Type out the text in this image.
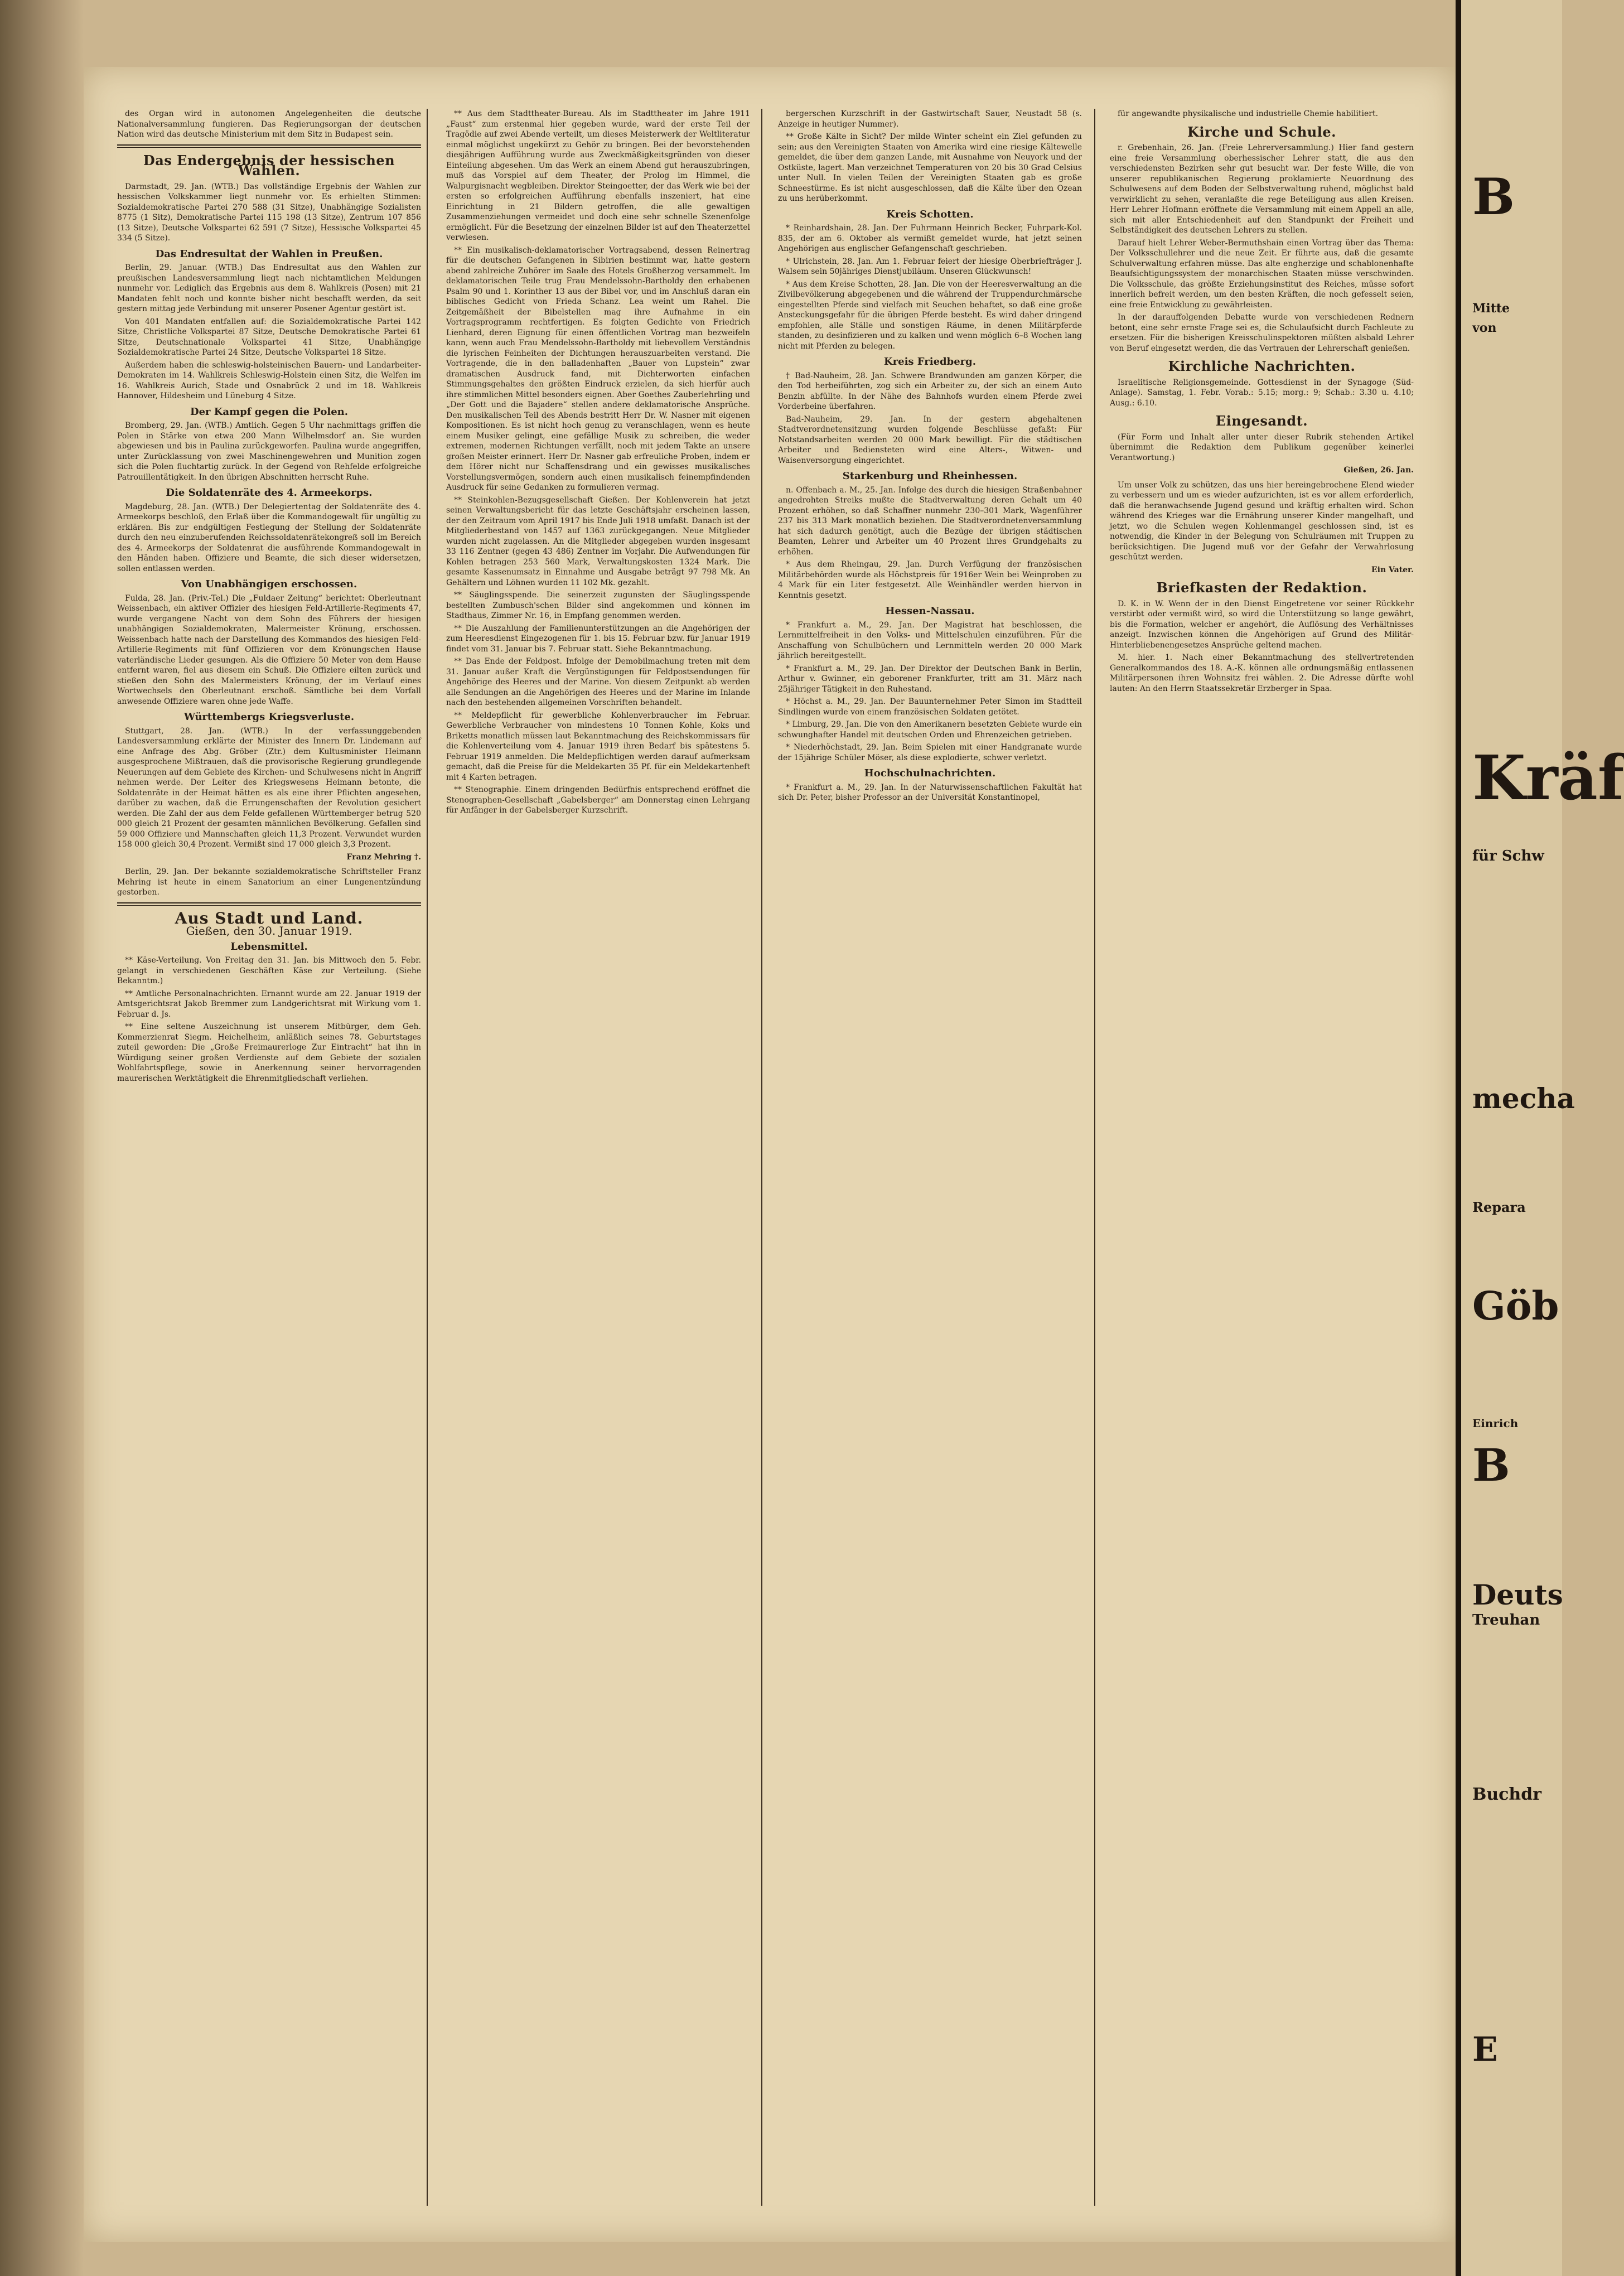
B
Mitte
von
Kräf
für Schw
mecha
Repara
Göb
Einrich
B
Deuts
Treuhan
Buchdr
E

des Organ wird in autonomen Angelegenheiten die deutsche Nationalversammlung fungieren. Das Regierungsorgan der deutschen Nation wird das deutsche Ministerium mit dem Sitz in Budapest sein.

Das Endergebnis der hessischen Wahlen.

Darmstadt, 29. Jan. (WTB.) Das vollständige Ergebnis der Wahlen zur hessischen Volkskammer liegt nunmehr vor. Es erhielten Stimmen: Sozialdemokratische Partei 270 588 (31 Sitze), Unabhängige Sozialisten 8775 (1 Sitz), Demokratische Partei 115 198 (13 Sitze), Zentrum 107 856 (13 Sitze), Deutsche Volkspartei 62 591 (7 Sitze), Hessische Volkspartei 45 334 (5 Sitze).

Das Endresultat der Wahlen in Preußen.

Berlin, 29. Januar. (WTB.) Das Endresultat aus den Wahlen zur preußischen Landesversammlung liegt nach nichtamtlichen Meldungen nunmehr vor. Lediglich das Ergebnis aus dem 8. Wahlkreis (Posen) mit 21 Mandaten fehlt noch und konnte bisher nicht beschafft werden, da seit gestern mittag jede Verbindung mit unserer Posener Agentur gestört ist.

Von 401 Mandaten entfallen auf: die Sozialdemokratische Partei 142 Sitze, Christliche Volkspartei 87 Sitze, Deutsche Demokratische Partei 61 Sitze, Deutschnationale Volkspartei 41 Sitze, Unabhängige Sozialdemokratische Partei 24 Sitze, Deutsche Volkspartei 18 Sitze.

Außerdem haben die schleswig-holsteinischen Bauern- und Landarbeiter-Demokraten im 14. Wahlkreis Schleswig-Holstein einen Sitz, die Welfen im 16. Wahlkreis Aurich, Stade und Osnabrück 2 und im 18. Wahlkreis Hannover, Hildesheim und Lüneburg 4 Sitze.

Der Kampf gegen die Polen.

Bromberg, 29. Jan. (WTB.) Amtlich. Gegen 5 Uhr nachmittags griffen die Polen in Stärke von etwa 200 Mann Wilhelmsdorf an. Sie wurden abgewiesen und bis in Paulina zurückgeworfen. Paulina wurde angegriffen, unter Zurücklassung von zwei Maschinengewehren und Munition zogen sich die Polen fluchtartig zurück. In der Gegend von Rehfelde erfolgreiche Patrouillentätigkeit. In den übrigen Abschnitten herrscht Ruhe.

Die Soldatenräte des 4. Armeekorps.

Magdeburg, 28. Jan. (WTB.) Der Delegiertentag der Soldatenräte des 4. Armeekorps beschloß, den Erlaß über die Kommandogewalt für ungültig zu erklären. Bis zur endgültigen Festlegung der Stellung der Soldatenräte durch den neu einzuberufenden Reichssoldatenrätekongreß soll im Bereich des 4. Armeekorps der Soldatenrat die ausführende Kommandogewalt in den Händen haben. Offiziere und Beamte, die sich dieser widersetzen, sollen entlassen werden.

Von Unabhängigen erschossen.

Fulda, 28. Jan. (Priv.-Tel.) Die „Fuldaer Zeitung“ berichtet: Oberleutnant Weissenbach, ein aktiver Offizier des hiesigen Feld-Artillerie-Regiments 47, wurde vergangene Nacht von dem Sohn des Führers der hiesigen unabhängigen Sozialdemokraten, Malermeister Krönung, erschossen. Weissenbach hatte nach der Darstellung des Kommandos des hiesigen Feld-Artillerie-Regiments mit fünf Offizieren vor dem Krönungschen Hause vaterländische Lieder gesungen. Als die Offiziere 50 Meter von dem Hause entfernt waren, fiel aus diesem ein Schuß. Die Offiziere eilten zurück und stießen den Sohn des Malermeisters Krönung, der im Verlauf eines Wortwechsels den Oberleutnant erschoß. Sämtliche bei dem Vorfall anwesende Offiziere waren ohne jede Waffe.

Württembergs Kriegsverluste.

Stuttgart, 28. Jan. (WTB.) In der verfassunggebenden Landesversammlung erklärte der Minister des Innern Dr. Lindemann auf eine Anfrage des Abg. Gröber (Ztr.) dem Kultusminister Heimann ausgesprochene Mißtrauen, daß die provisorische Regierung grundlegende Neuerungen auf dem Gebiete des Kirchen- und Schulwesens nicht in Angriff nehmen werde. Der Leiter des Kriegswesens Heimann betonte, die Soldatenräte in der Heimat hätten es als eine ihrer Pflichten angesehen, darüber zu wachen, daß die Errungenschaften der Revolution gesichert werden. Die Zahl der aus dem Felde gefallenen Württemberger betrug 520 000 gleich 21 Prozent der gesamten männlichen Bevölkerung. Gefallen sind 59 000 Offiziere und Mannschaften gleich 11,3 Prozent. Verwundet wurden 158 000 gleich 30,4 Prozent. Vermißt sind 17 000 gleich 3,3 Prozent.

Franz Mehring †.

Berlin, 29. Jan. Der bekannte sozialdemokratische Schriftsteller Franz Mehring ist heute in einem Sanatorium an einer Lungenentzündung gestorben.

Aus Stadt und Land.
Gießen, den 30. Januar 1919.
Lebensmittel.

** Käse-Verteilung. Von Freitag den 31. Jan. bis Mittwoch den 5. Febr. gelangt in verschiedenen Geschäften Käse zur Verteilung. (Siehe Bekanntm.)

** Amtliche Personalnachrichten. Ernannt wurde am 22. Januar 1919 der Amtsgerichtsrat Jakob Bremmer zum Landgerichtsrat mit Wirkung vom 1. Februar d. Js.

** Eine seltene Auszeichnung ist unserem Mitbürger, dem Geh. Kommerzienrat Siegm. Heichelheim, anläßlich seines 78. Geburtstages zuteil geworden: Die „Große Freimaurerloge Zur Eintracht“ hat ihn in Würdigung seiner großen Verdienste auf dem Gebiete der sozialen Wohlfahrtspflege, sowie in Anerkennung seiner hervorragenden maurerischen Werktätigkeit die Ehrenmitgliedschaft verliehen.

** Aus dem Stadttheater-Bureau. Als im Stadttheater im Jahre 1911 „Faust“ zum erstenmal hier gegeben wurde, ward der erste Teil der Tragödie auf zwei Abende verteilt, um dieses Meisterwerk der Weltliteratur einmal möglichst ungekürzt zu Gehör zu bringen. Bei der bevorstehenden diesjährigen Aufführung wurde aus Zweckmäßigkeitsgründen von dieser Einteilung abgesehen. Um das Werk an einem Abend gut herauszubringen, muß das Vorspiel auf dem Theater, der Prolog im Himmel, die Walpurgisnacht wegbleiben. Direktor Steingoetter, der das Werk wie bei der ersten so erfolgreichen Aufführung ebenfalls inszeniert, hat eine Einrichtung in 21 Bildern getroffen, die alle gewaltigen Zusammenziehungen vermeidet und doch eine sehr schnelle Szenenfolge ermöglicht. Für die Besetzung der einzelnen Bilder ist auf den Theaterzettel verwiesen.

** Ein musikalisch-deklamatorischer Vortragsabend, dessen Reinertrag für die deutschen Gefangenen in Sibirien bestimmt war, hatte gestern abend zahlreiche Zuhörer im Saale des Hotels Großherzog versammelt. Im deklamatorischen Teile trug Frau Mendelssohn-Bartholdy den erhabenen Psalm 90 und 1. Korinther 13 aus der Bibel vor, und im Anschluß daran ein biblisches Gedicht von Frieda Schanz. Lea weint um Rahel. Die Zeitgemäßheit der Bibelstellen mag ihre Aufnahme in ein Vortragsprogramm rechtfertigen. Es folgten Gedichte von Friedrich Lienhard, deren Eignung für einen öffentlichen Vortrag man bezweifeln kann, wenn auch Frau Mendelssohn-Bartholdy mit liebevollem Verständnis die lyrischen Feinheiten der Dichtungen herauszuarbeiten verstand. Die Vortragende, die in den balladenhaften „Bauer von Lupstein“ zwar dramatischen Ausdruck fand, mit Dichterworten einfachen Stimmungsgehaltes den größten Eindruck erzielen, da sich hierfür auch ihre stimmlichen Mittel besonders eignen. Aber Goethes Zauberlehrling und „Der Gott und die Bajadere“ stellen andere deklamatorische Ansprüche. Den musikalischen Teil des Abends bestritt Herr Dr. W. Nasner mit eigenen Kompositionen. Es ist nicht hoch genug zu veranschlagen, wenn es heute einem Musiker gelingt, eine gefällige Musik zu schreiben, die weder extremen, modernen Richtungen verfällt, noch mit jedem Takte an unsere großen Meister erinnert. Herr Dr. Nasner gab erfreuliche Proben, indem er dem Hörer nicht nur Schaffensdrang und ein gewisses musikalisches Vorstellungsvermögen, sondern auch einen musikalisch feinempfindenden Ausdruck für seine Gedanken zu formulieren vermag.

** Steinkohlen-Bezugsgesellschaft Gießen. Der Kohlenverein hat jetzt seinen Verwaltungsbericht für das letzte Geschäftsjahr erscheinen lassen, der den Zeitraum vom April 1917 bis Ende Juli 1918 umfaßt. Danach ist der Mitgliederbestand von 1457 auf 1363 zurückgegangen. Neue Mitglieder wurden nicht zugelassen. An die Mitglieder abgegeben wurden insgesamt 33 116 Zentner (gegen 43 486) Zentner im Vorjahr. Die Aufwendungen für Kohlen betragen 253 560 Mark, Verwaltungskosten 1324 Mark. Die gesamte Kassenumsatz in Einnahme und Ausgabe beträgt 97 798 Mk. An Gehältern und Löhnen wurden 11 102 Mk. gezahlt.

** Säuglingsspende. Die seinerzeit zugunsten der Säuglingsspende bestellten Zumbusch'schen Bilder sind angekommen und können im Stadthaus, Zimmer Nr. 16, in Empfang genommen werden.

** Die Auszahlung der Familienunterstützungen an die Angehörigen der zum Heeresdienst Eingezogenen für 1. bis 15. Februar bzw. für Januar 1919 findet vom 31. Januar bis 7. Februar statt. Siehe Bekanntmachung.

** Das Ende der Feldpost. Infolge der Demobilmachung treten mit dem 31. Januar außer Kraft die Vergünstigungen für Feldpostsendungen für Angehörige des Heeres und der Marine. Von diesem Zeitpunkt ab werden alle Sendungen an die Angehörigen des Heeres und der Marine im Inlande nach den bestehenden allgemeinen Vorschriften behandelt.

** Meldepflicht für gewerbliche Kohlenverbraucher im Februar. Gewerbliche Verbraucher von mindestens 10 Tonnen Kohle, Koks und Briketts monatlich müssen laut Bekanntmachung des Reichskommissars für die Kohlenverteilung vom 4. Januar 1919 ihren Bedarf bis spätestens 5. Februar 1919 anmelden. Die Meldepflichtigen werden darauf aufmerksam gemacht, daß die Preise für die Meldekarten 35 Pf. für ein Meldekartenheft mit 4 Karten betragen.

** Stenographie. Einem dringenden Bedürfnis entsprechend eröffnet die Stenographen-Gesellschaft „Gabelsberger“ am Donnerstag einen Lehrgang für Anfänger in der Gabelsberger Kurzschrift.

bergerschen Kurzschrift in der Gastwirtschaft Sauer, Neustadt 58 (s. Anzeige in heutiger Nummer).

** Große Kälte in Sicht? Der milde Winter scheint ein Ziel gefunden zu sein; aus den Vereinigten Staaten von Amerika wird eine riesige Kältewelle gemeldet, die über dem ganzen Lande, mit Ausnahme von Neuyork und der Ostküste, lagert. Man verzeichnet Temperaturen von 20 bis 30 Grad Celsius unter Null. In vielen Teilen der Vereinigten Staaten gab es große Schneestürme. Es ist nicht ausgeschlossen, daß die Kälte über den Ozean zu uns herüberkommt.

Kreis Schotten.

* Reinhardshain, 28. Jan. Der Fuhrmann Heinrich Becker, Fuhrpark-Kol. 835, der am 6. Oktober als vermißt gemeldet wurde, hat jetzt seinen Angehörigen aus englischer Gefangenschaft geschrieben.

* Ulrichstein, 28. Jan. Am 1. Februar feiert der hiesige Oberbriefträger J. Walsem sein 50jähriges Dienstjubiläum. Unseren Glückwunsch!

* Aus dem Kreise Schotten, 28. Jan. Die von der Heeresverwaltung an die Zivilbevölkerung abgegebenen und die während der Truppendurchmärsche eingestellten Pferde sind vielfach mit Seuchen behaftet, so daß eine große Ansteckungsgefahr für die übrigen Pferde besteht. Es wird daher dringend empfohlen, alle Ställe und sonstigen Räume, in denen Militärpferde standen, zu desinfizieren und zu kalken und wenn möglich 6–8 Wochen lang nicht mit Pferden zu belegen.

Kreis Friedberg.

† Bad-Nauheim, 28. Jan. Schwere Brandwunden am ganzen Körper, die den Tod herbeiführten, zog sich ein Arbeiter zu, der sich an einem Auto Benzin abfüllte. In der Nähe des Bahnhofs wurden einem Pferde zwei Vorderbeine überfahren.

Bad-Nauheim, 29. Jan. In der gestern abgehaltenen Stadtverordnetensitzung wurden folgende Beschlüsse gefaßt: Für Notstandsarbeiten werden 20 000 Mark bewilligt. Für die städtischen Arbeiter und Bediensteten wird eine Alters-, Witwen- und Waisenversorgung eingerichtet.

Starkenburg und Rheinhessen.

n. Offenbach a. M., 25. Jan. Infolge des durch die hiesigen Straßenbahner angedrohten Streiks mußte die Stadtverwaltung deren Gehalt um 40 Prozent erhöhen, so daß Schaffner nunmehr 230–301 Mark, Wagenführer 237 bis 313 Mark monatlich beziehen. Die Stadtverordnetenversammlung hat sich dadurch genötigt, auch die Bezüge der übrigen städtischen Beamten, Lehrer und Arbeiter um 40 Prozent ihres Grundgehalts zu erhöhen.

* Aus dem Rheingau, 29. Jan. Durch Verfügung der französischen Militärbehörden wurde als Höchstpreis für 1916er Wein bei Weinproben zu 4 Mark für ein Liter festgesetzt. Alle Weinhändler werden hiervon in Kenntnis gesetzt.

Hessen-Nassau.

* Frankfurt a. M., 29. Jan. Der Magistrat hat beschlossen, die Lernmittelfreiheit in den Volks- und Mittelschulen einzuführen. Für die Anschaffung von Schulbüchern und Lernmitteln werden 20 000 Mark jährlich bereitgestellt.

* Frankfurt a. M., 29. Jan. Der Direktor der Deutschen Bank in Berlin, Arthur v. Gwinner, ein geborener Frankfurter, tritt am 31. März nach 25jähriger Tätigkeit in den Ruhestand.

* Höchst a. M., 29. Jan. Der Bauunternehmer Peter Simon im Stadtteil Sindlingen wurde von einem französischen Soldaten getötet.

* Limburg, 29. Jan. Die von den Amerikanern besetzten Gebiete wurde ein schwunghafter Handel mit deutschen Orden und Ehrenzeichen getrieben.

* Niederhöchstadt, 29. Jan. Beim Spielen mit einer Handgranate wurde der 15jährige Schüler Möser, als diese explodierte, schwer verletzt.

Hochschulnachrichten.

* Frankfurt a. M., 29. Jan. In der Naturwissenschaftlichen Fakultät hat sich Dr. Peter, bisher Professor an der Universität Konstantinopel,

für angewandte physikalische und industrielle Chemie habilitiert.

Kirche und Schule.

r. Grebenhain, 26. Jan. (Freie Lehrerversammlung.) Hier fand gestern eine freie Versammlung oberhessischer Lehrer statt, die aus den verschiedensten Bezirken sehr gut besucht war. Der feste Wille, die von unserer republikanischen Regierung proklamierte Neuordnung des Schulwesens auf dem Boden der Selbstverwaltung ruhend, möglichst bald verwirklicht zu sehen, veranlaßte die rege Beteiligung aus allen Kreisen. Herr Lehrer Hofmann eröffnete die Versammlung mit einem Appell an alle, sich mit aller Entschiedenheit auf den Standpunkt der Freiheit und Selbständigkeit des deutschen Lehrers zu stellen.

Darauf hielt Lehrer Weber-Bermuthshain einen Vortrag über das Thema: Der Volksschullehrer und die neue Zeit. Er führte aus, daß die gesamte Schulverwaltung erfahren müsse. Das alte engherzige und schablonenhafte Beaufsichtigungssystem der monarchischen Staaten müsse verschwinden. Die Volksschule, das größte Erziehungsinstitut des Reiches, müsse sofort innerlich befreit werden, um den besten Kräften, die noch gefesselt seien, eine freie Entwicklung zu gewährleisten.

In der darauffolgenden Debatte wurde von verschiedenen Rednern betont, eine sehr ernste Frage sei es, die Schulaufsicht durch Fachleute zu ersetzen. Für die bisherigen Kreisschulinspektoren müßten alsbald Lehrer von Beruf eingesetzt werden, die das Vertrauen der Lehrerschaft genießen.

Kirchliche Nachrichten.

Israelitische Religionsgemeinde. Gottesdienst in der Synagoge (Süd-Anlage). Samstag, 1. Febr. Vorab.: 5.15; morg.: 9; Schab.: 3.30 u. 4.10; Ausg.: 6.10.

Eingesandt.

(Für Form und Inhalt aller unter dieser Rubrik stehenden Artikel übernimmt die Redaktion dem Publikum gegenüber keinerlei Verantwortung.)

Gießen, 26. Jan.

Um unser Volk zu schützen, das uns hier hereingebrochene Elend wieder zu verbessern und um es wieder aufzurichten, ist es vor allem erforderlich, daß die heranwachsende Jugend gesund und kräftig erhalten wird. Schon während des Krieges war die Ernährung unserer Kinder mangelhaft, und jetzt, wo die Schulen wegen Kohlenmangel geschlossen sind, ist es notwendig, die Kinder in der Belegung von Schulräumen mit Truppen zu berücksichtigen. Die Jugend muß vor der Gefahr der Verwahrlosung geschützt werden.

Ein Vater.
Briefkasten der Redaktion.

D. K. in W. Wenn der in den Dienst Eingetretene vor seiner Rückkehr verstirbt oder vermißt wird, so wird die Unterstützung so lange gewährt, bis die Formation, welcher er angehört, die Auflösung des Verhältnisses anzeigt. Inzwischen können die Angehörigen auf Grund des Militär-Hinterbliebenengesetzes Ansprüche geltend machen.

M. hier. 1. Nach einer Bekanntmachung des stellvertretenden Generalkommandos des 18. A.-K. können alle ordnungsmäßig entlassenen Militärpersonen ihren Wohnsitz frei wählen. 2. Die Adresse dürfte wohl lauten: An den Herrn Staatssekretär Erzberger in Spaa.
